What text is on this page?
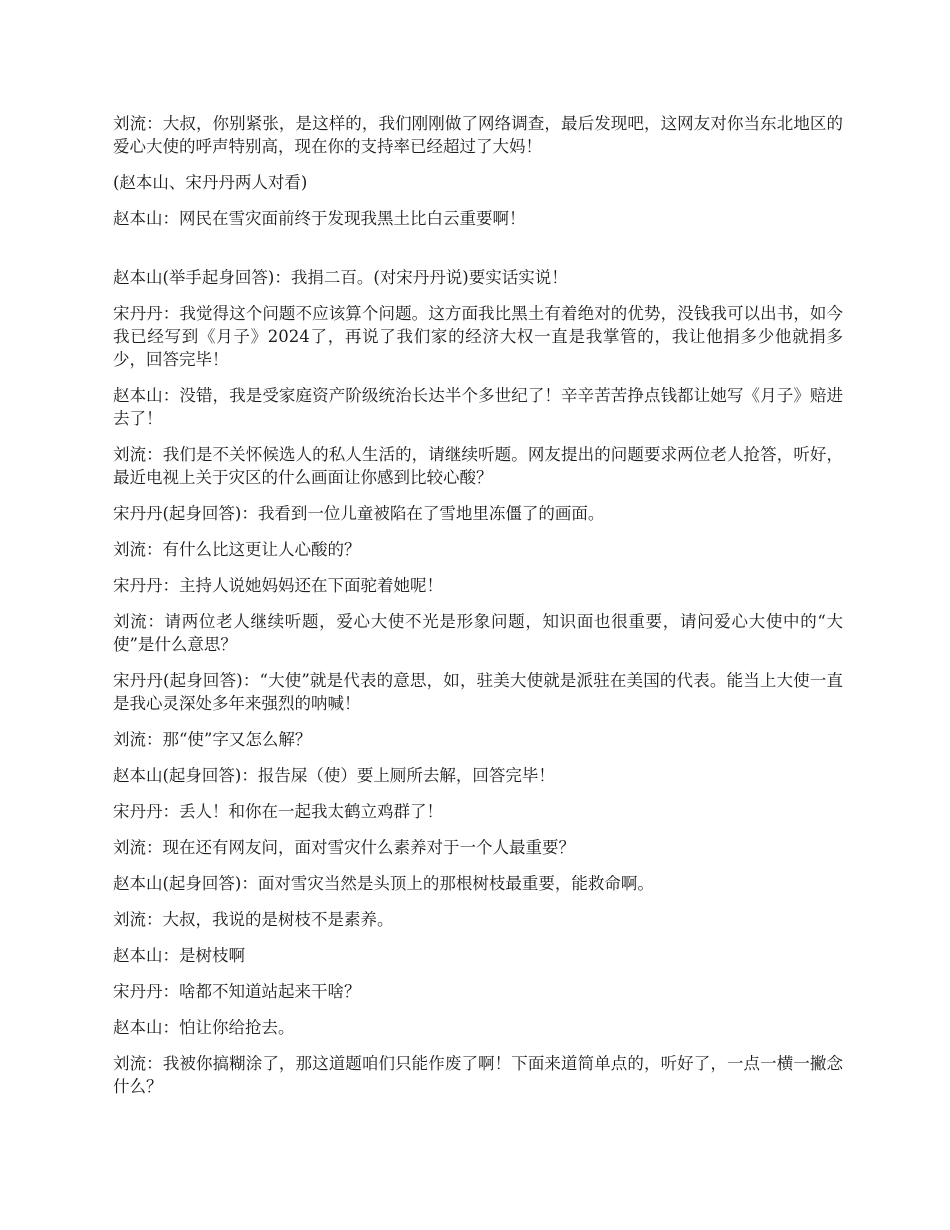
刘流：大叔，你别紧张，是这样的，我们刚刚做了网络调查，最后发现吧，这网友对你当东北地区的爱心大使的呼声特别高，现在你的支持率已经超过了大妈！

(赵本山、宋丹丹两人对看)

赵本山：网民在雪灾面前终于发现我黑土比白云重要啊！

赵本山(举手起身回答)：我捐二百。(对宋丹丹说)要实话实说！

宋丹丹：我觉得这个问题不应该算个问题。这方面我比黑土有着绝对的优势，没钱我可以出书，如今我已经写到《月子》2024了，再说了我们家的经济大权一直是我掌管的，我让他捐多少他就捐多少，回答完毕！

赵本山：没错，我是受家庭资产阶级统治长达半个多世纪了！辛辛苦苦挣点钱都让她写《月子》赔进去了！

刘流：我们是不关怀候选人的私人生活的，请继续听题。网友提出的问题要求两位老人抢答，听好，最近电视上关于灾区的什么画面让你感到比较心酸？

宋丹丹(起身回答)：我看到一位儿童被陷在了雪地里冻僵了的画面。

刘流：有什么比这更让人心酸的？

宋丹丹：主持人说她妈妈还在下面驼着她呢！

刘流：请两位老人继续听题，爱心大使不光是形象问题，知识面也很重要，请问爱心大使中的“大使”是什么意思？

宋丹丹(起身回答)：“大使”就是代表的意思，如，驻美大使就是派驻在美国的代表。能当上大使一直是我心灵深处多年来强烈的呐喊！

刘流：那“使”字又怎么解？

赵本山(起身回答)：报告屎（使）要上厕所去解，回答完毕！

宋丹丹：丢人！和你在一起我太鹤立鸡群了！

刘流：现在还有网友问，面对雪灾什么素养对于一个人最重要？

赵本山(起身回答)：面对雪灾当然是头顶上的那根树枝最重要，能救命啊。

刘流：大叔，我说的是树枝不是素养。

赵本山：是树枝啊

宋丹丹：啥都不知道站起来干啥？

赵本山：怕让你给抢去。

刘流：我被你搞糊涂了，那这道题咱们只能作废了啊！下面来道简单点的，听好了，一点一横一撇念什么？
